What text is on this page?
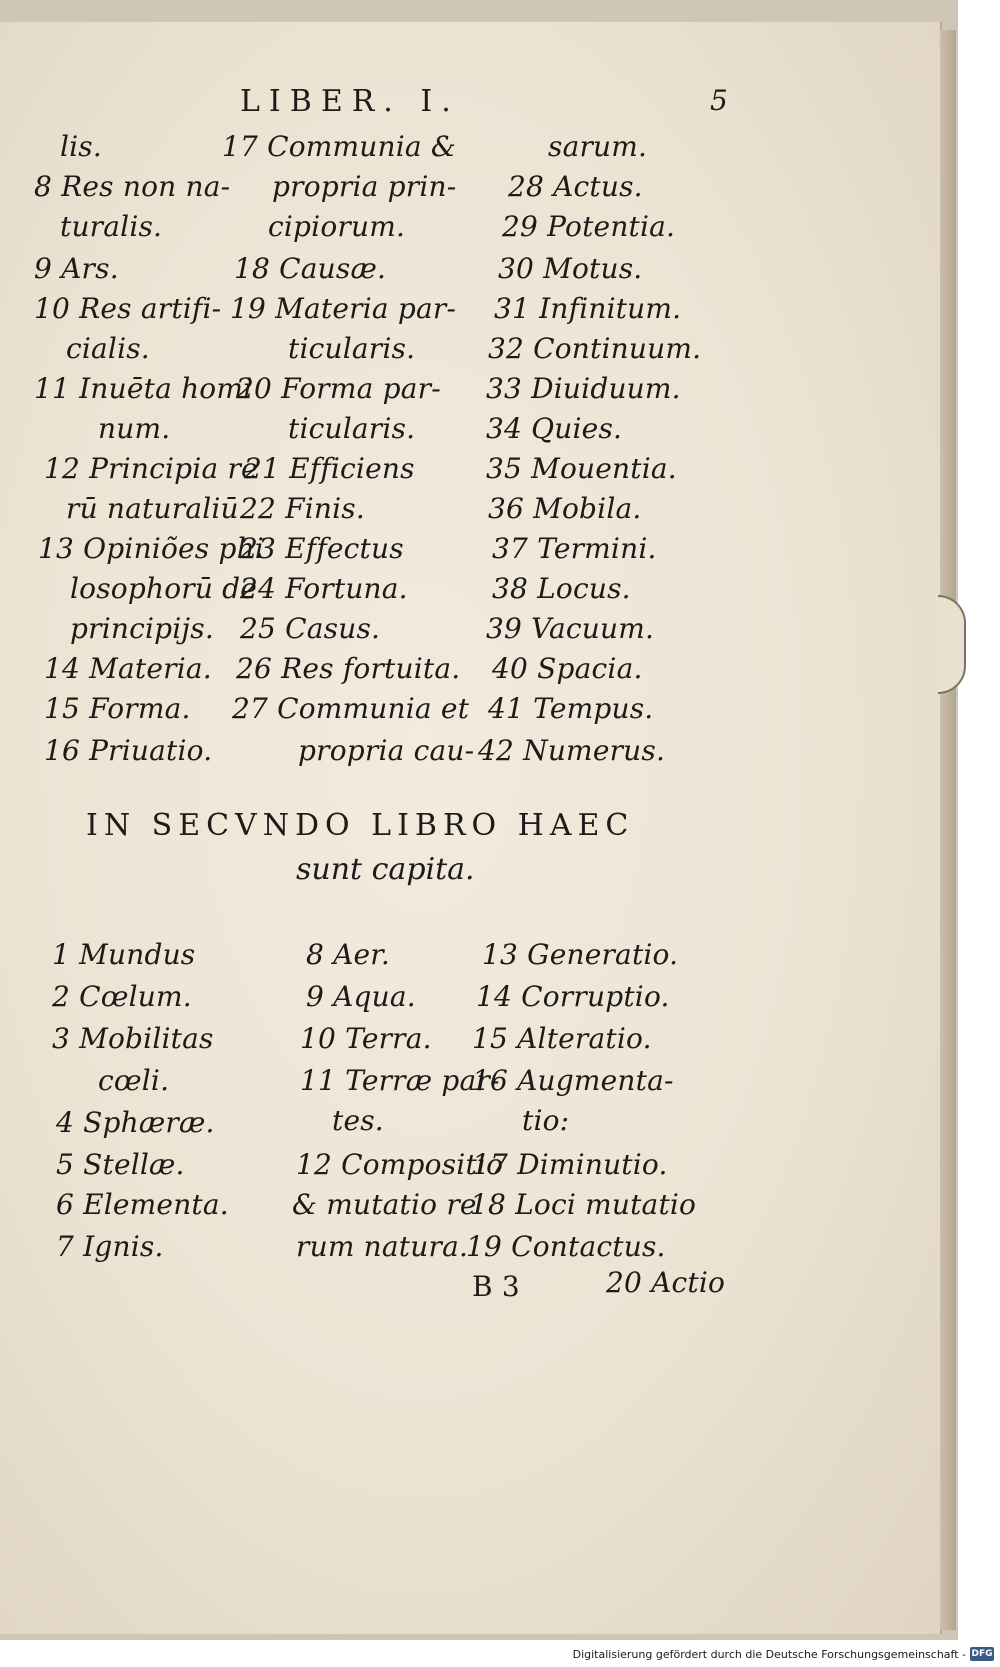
LIBER. I.	5
lis.
8 Res non na-
turalis.
9 Ars.
10 Res artifi-
cialis.
11 Inuēta homi
num.
12 Principia re
rū naturaliū
13 Opiniões phi
losophorū de
principijs.
14 Materia.
15 Forma.
16 Priuatio.
17 Communia &
propria prin-
cipiorum.
18 Causæ.
19 Materia par-
ticularis.
20 Forma par-
ticularis.
21 Efficiens
22 Finis.
23 Effectus
24 Fortuna.
25 Casus.
26 Res fortuita.
27 Communia et
propria cau-
sarum.
28 Actus.
29 Potentia.
30 Motus.
31 Infinitum.
32 Continuum.
33 Diuiduum.
34 Quies.
35 Mouentia.
36 Mobila.
37 Termini.
38 Locus.
39 Vacuum.
40 Spacia.
41 Tempus.
42 Numerus.
IN SECVNDO LIBRO HAEC
sunt capita.
1 Mundus
2 Cœlum.
3 Mobilitas
cœli.
4 Sphæræ.
5 Stellæ.
6 Elementa.
7 Ignis.
8 Aer.
9 Aqua.
10 Terra.
11 Terræ par-
tes.
12 Compositio
& mutatio re
rum natura.
13 Generatio.
14 Corruptio.
15 Alteratio.
16 Augmenta-
tio:
17 Diminutio.
18 Loci mutatio
19 Contactus.
B 3	20 Actio
Digitalisierung gefördert durch die Deutsche Forschungsgemeinschaft - DFG
